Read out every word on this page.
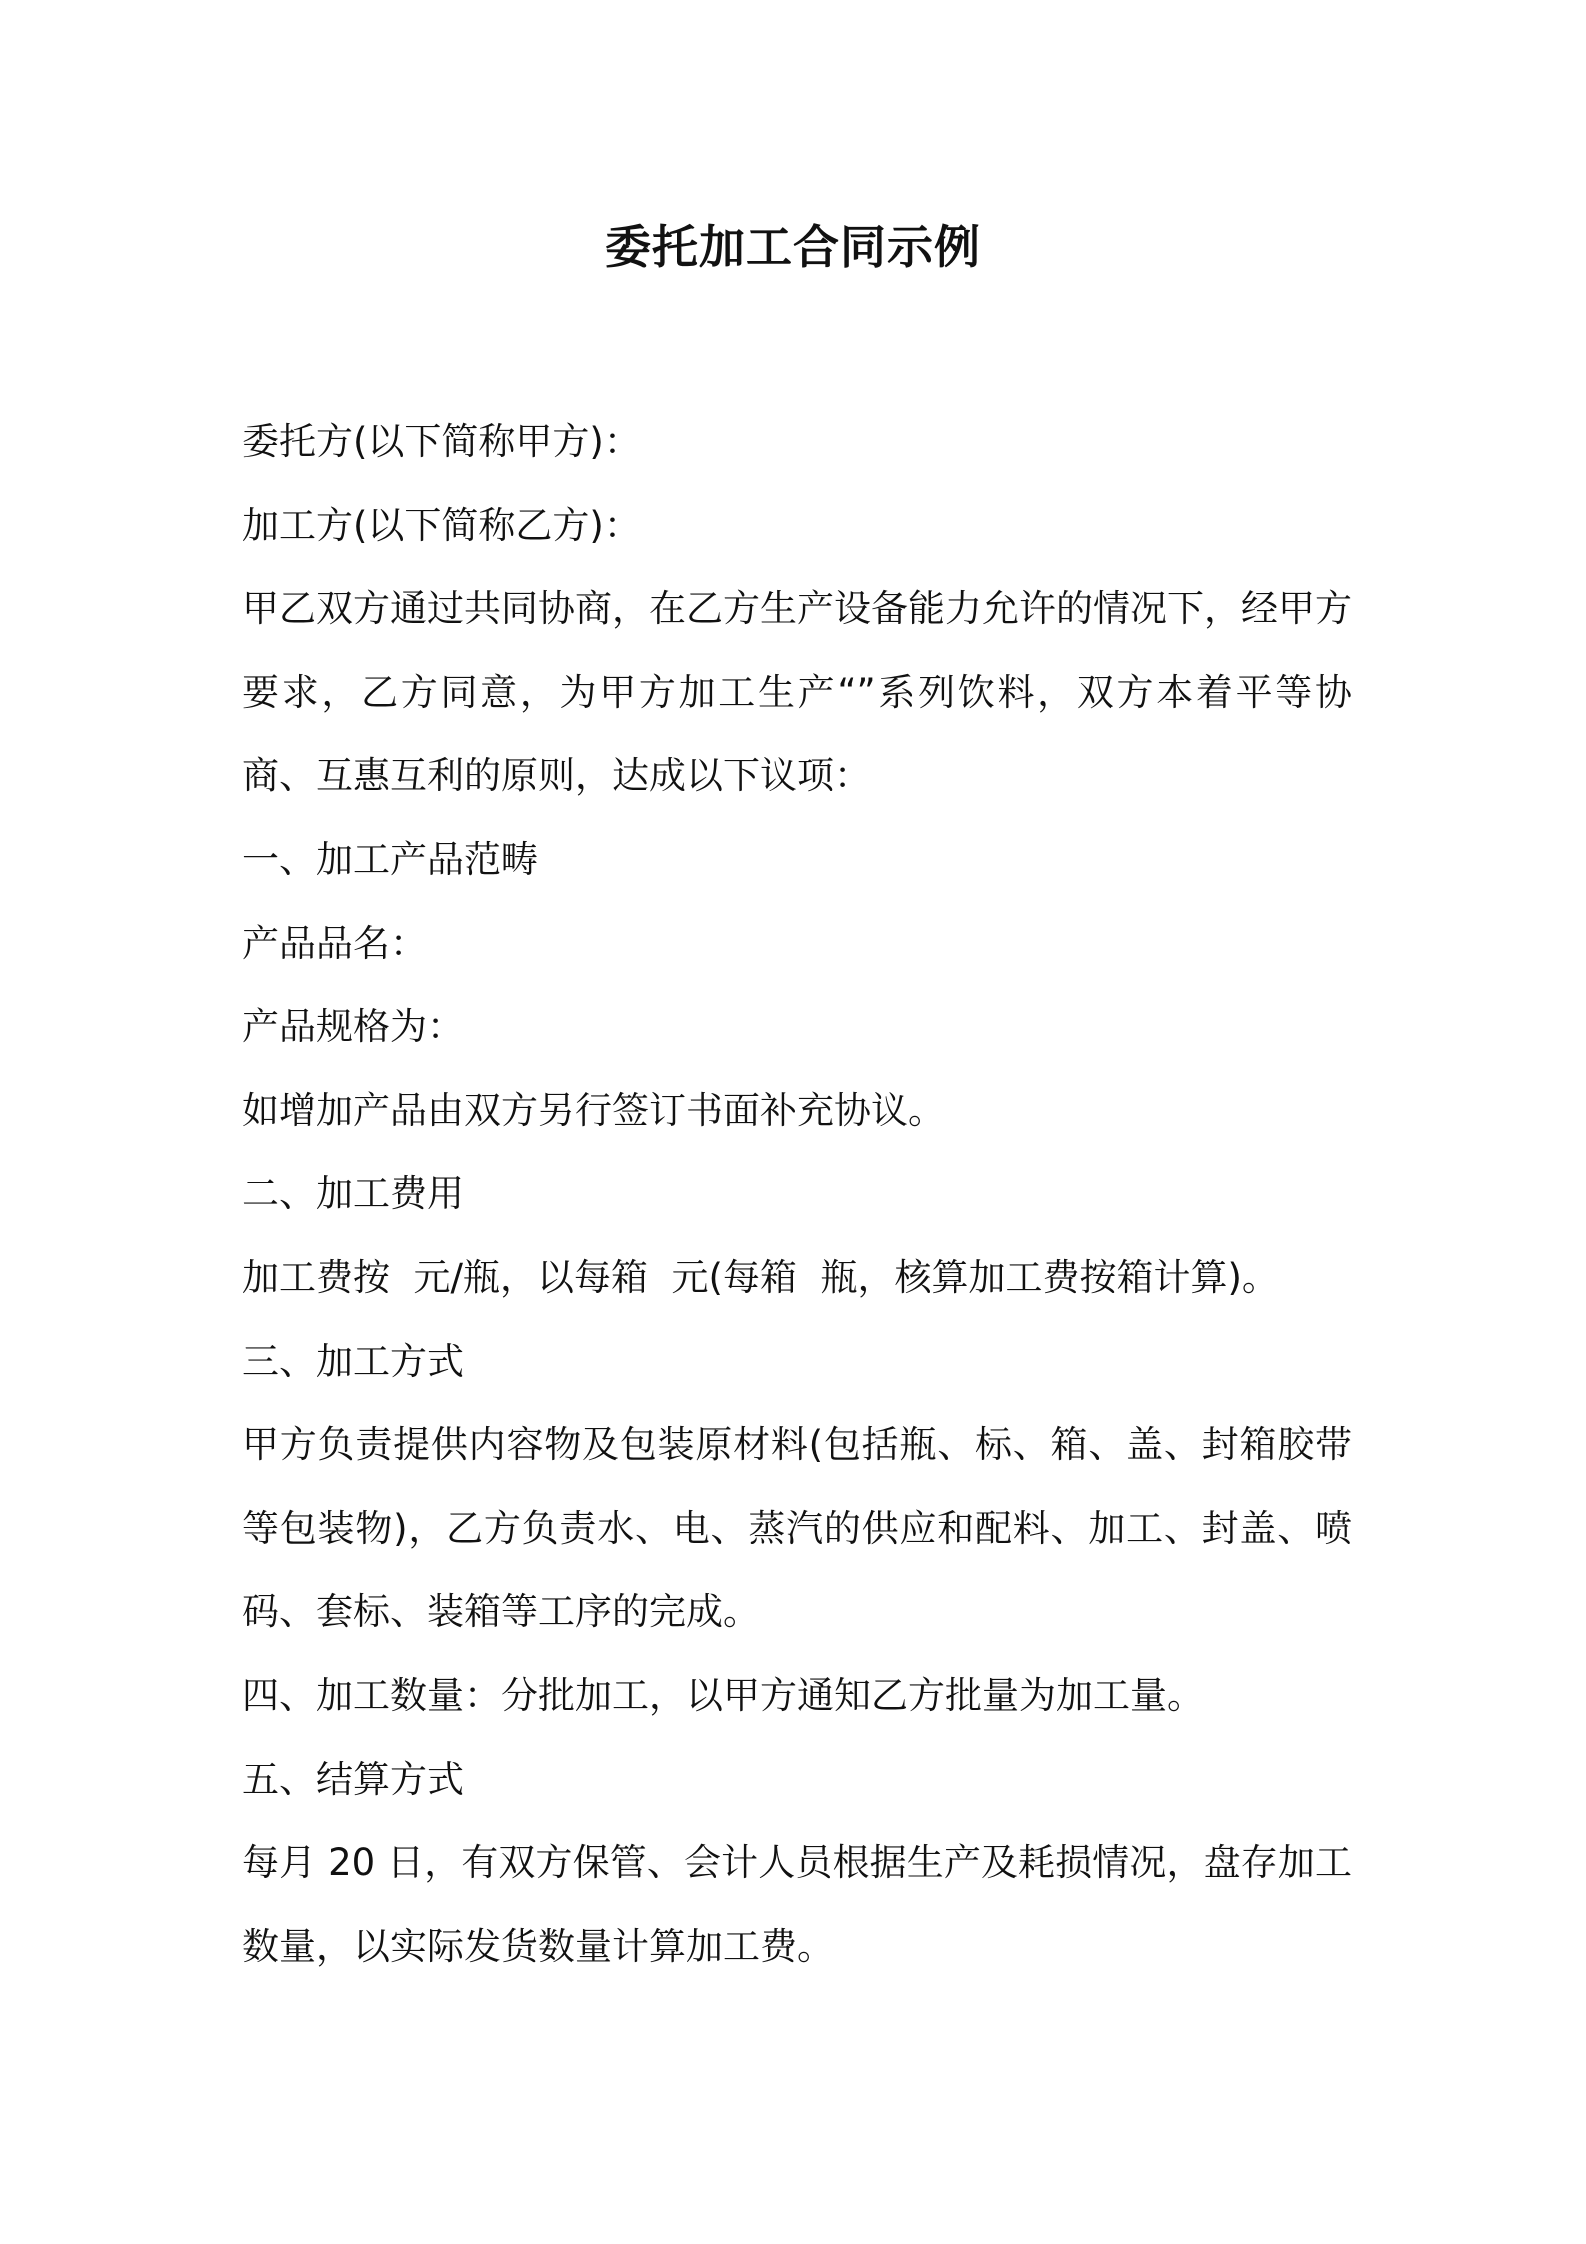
委托加工合同示例
委托方(以下简称甲方)：
加工方(以下简称乙方)：
甲乙双方通过共同协商，在乙方生产设备能力允许的情况下，经甲方
要求，乙方同意，为甲方加工生产“”系列饮料，双方本着平等协
商、互惠互利的原则，达成以下议项：
一、加工产品范畴
产品品名：
产品规格为：
如增加产品由双方另行签订书面补充协议。
二、加工费用
加工费按  元/瓶，以每箱  元(每箱  瓶，核算加工费按箱计算)。
三、加工方式
甲方负责提供内容物及包装原材料(包括瓶、标、箱、盖、封箱胶带
等包装物)，乙方负责水、电、蒸汽的供应和配料、加工、封盖、喷
码、套标、装箱等工序的完成。
四、加工数量：分批加工，以甲方通知乙方批量为加工量。
五、结算方式
每月 20 日，有双方保管、会计人员根据生产及耗损情况，盘存加工
数量，以实际发货数量计算加工费。
